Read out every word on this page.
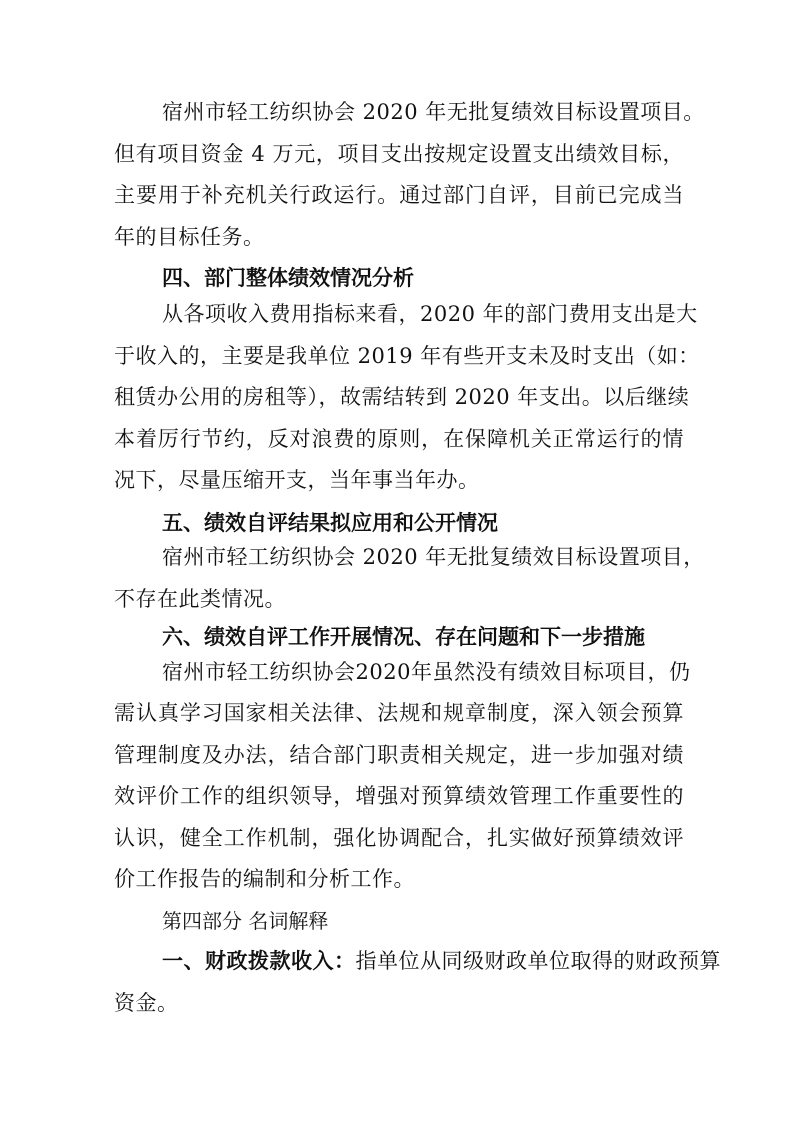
宿州市轻工纺织协会 2020 年无批复绩效目标设置项目。
但有项目资金 4 万元，项目支出按规定设置支出绩效目标，
主要用于补充机关行政运行。通过部门自评，目前已完成当
年的目标任务。
四、部门整体绩效情况分析
从各项收入费用指标来看，2020 年的部门费用支出是大
于收入的，主要是我单位 2019 年有些开支未及时支出（如：
租赁办公用的房租等），故需结转到 2020 年支出。以后继续
本着厉行节约，反对浪费的原则，在保障机关正常运行的情
况下，尽量压缩开支，当年事当年办。
五、绩效自评结果拟应用和公开情况
宿州市轻工纺织协会 2020 年无批复绩效目标设置项目，
不存在此类情况。
六、绩效自评工作开展情况、存在问题和下一步措施
宿州市轻工纺织协会2020年虽然没有绩效目标项目，仍
需认真学习国家相关法律、法规和规章制度，深入领会预算
管理制度及办法，结合部门职责相关规定，进一步加强对绩
效评价工作的组织领导，增强对预算绩效管理工作重要性的
认识，健全工作机制，强化协调配合，扎实做好预算绩效评
价工作报告的编制和分析工作。
第四部分 名词解释
一、财政拨款收入：指单位从同级财政单位取得的财政预算
资金。
